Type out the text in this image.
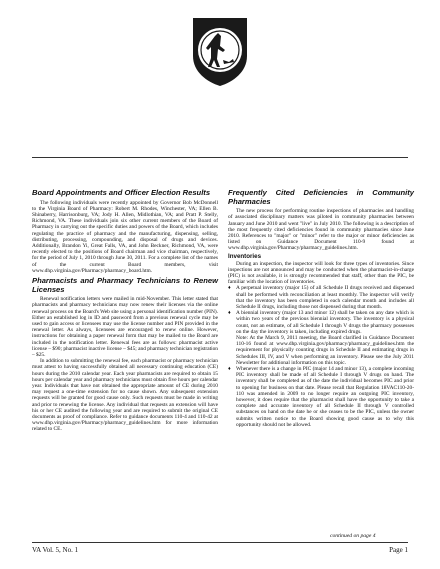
Board Appointments and Officer Election Results

The following individuals were recently appointed by Governor Bob McDonnell to the Virginia Board of Pharmacy: Robert M. Rhodes, Winchester, VA; Ellen B. Shinaberry, Harrisonburg, VA; Jody H. Allen, Midlothian, VA; and Pratt P. Stelly, Richmond, VA. These individuals join six other current members of the Board of Pharmacy in carrying out the specific duties and powers of the Board, which includes regulating the practice of pharmacy and the manufacturing, dispensing, selling, distributing, processing, compounding, and disposal of drugs and devices. Additionally, Brandon Yi, Great Falls, VA, and John Beckner, Richmond, VA, were recently elected to the positions of Board chairman and vice chairman, respectively, for the period of July 1, 2010 through June 30, 2011. For a complete list of the names of the current Board members, visit www.dhp.virginia.gov/Pharmacy/pharmacy_board.htm.

Pharmacists and Pharmacy Technicians to Renew Licenses

Renewal notification letters were mailed in mid-November. This letter stated that pharmacists and pharmacy technicians may now renew their licenses via the online renewal process on the Board's Web site using a personal identification number (PIN). Either an established log in ID and password from a previous renewal cycle may be used to gain access or licensees may use the license number and PIN provided in the renewal letter. As always, licensees are encouraged to renew online. However, instructions for obtaining a paper renewal form that may be mailed to the Board are included in the notification letter. Renewal fees are as follows: pharmacist active license – $90; pharmacist inactive license – $45; and pharmacy technician registration – $25.

In addition to submitting the renewal fee, each pharmacist or pharmacy technician must attest to having successfully obtained all necessary continuing education (CE) hours during the 2010 calendar year. Each year pharmacists are required to obtain 15 hours per calendar year and pharmacy technicians must obtain five hours per calendar year. Individuals that have not obtained the appropriate amount of CE during 2010 may request a one-time extension for no cause shown. Any subsequent extension requests will be granted for good cause only. Such requests must be made in writing and prior to renewing the license. Any individual that requests an extension will have his or her CE audited the following year and are required to submit the original CE documents as proof of compliance. Refer to guidance documents 110-4 and 110-42 at www.dhp.virginia.gov/Pharmacy/pharmacy_guidelines.htm for more information related to CE.

Frequently Cited Deficiencies in Community Pharmacies

The new process for performing routine inspections of pharmacies and handling of associated disciplinary matters was piloted in community pharmacies between January and June 2010 and went "live" in July 2010. The following is a description of the most frequently cited deficiencies found in community pharmacies since June 2010. References to "major" or "minor" refer to the major or minor deficiencies as listed on Guidance Document 110-9 found at www.dhp.virginia.gov/Pharmacy/pharmacy_guidelines.htm.

Inventories

During an inspection, the inspector will look for three types of inventories. Since inspections are not announced and may be conducted when the pharmacist-in-charge (PIC) is not available, it is strongly recommended that staff, other than the PIC, be familiar with the location of inventories.

♦ A perpetual inventory (major 15) of all Schedule II drugs received and dispensed shall be performed with reconciliation at least monthly. The inspector will verify that the inventory has been completed in each calendar month and includes all Schedule II drugs, including those not dispensed during that month.
♦ A biennial inventory (major 13 and minor 12) shall be taken on any date which is within two years of the previous biennial inventory. The inventory is a physical count, not an estimate, of all Schedule I through V drugs the pharmacy possesses on the day the inventory is taken, including expired drugs.
Note: At the March 9, 2011 meeting, the Board clarified in Guidance Document 110-16 found at www.dhp.virginia.gov/pharmacy/pharmacy_guidelines.htm the requirement for physically counting drugs in Schedule II and estimating drugs in Schedules III, IV, and V when performing an inventory. Please see the July 2011 Newsletter for additional information on this topic.
♦ Whenever there is a change in PIC (major 14 and minor 13), a complete incoming PIC inventory shall be made of all Schedule I through V drugs on hand. The inventory shall be completed as of the date the individual becomes PIC and prior to opening for business on that date. Please recall that Regulation 18VAC110-20-110 was amended in 2009 to no longer require an outgoing PIC inventory, however, it does require that the pharmacist shall have the opportunity to take a complete and accurate inventory of all Schedule II through V controlled substances on hand on the date he or she ceases to be the PIC, unless the owner submits written notice to the Board showing good cause as to why this opportunity should not be allowed.
continued on page 4
VA Vol. 5, No. 1	Page 1
